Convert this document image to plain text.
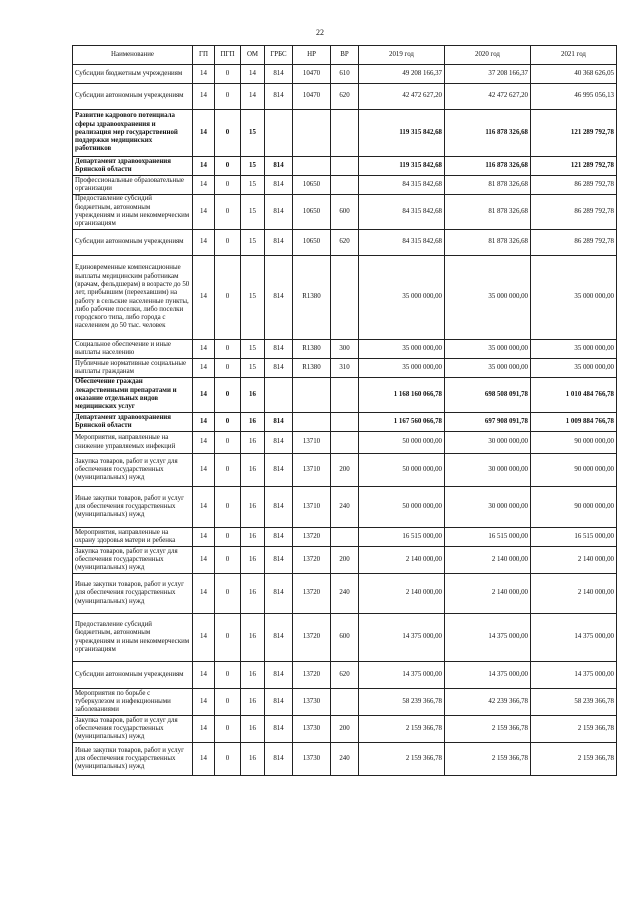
22
Наименование	ГП	ПГП	ОМ	ГРБС	НР	ВР	2019 год	2020 год	2021 год
Субсидии бюджетным учреждениям	14	0	14	814	10470	610	49 208 166,37	37 208 166,37	40 368 626,05
Субсидии автономным учреждениям	14	0	14	814	10470	620	42 472 627,20	42 472 627,20	46 995 056,13
Развитие кадрового потенциала сферы здравоохранения и реализация мер государственной поддержки медицинских работников	14	0	15				119 315 842,68	116 878 326,68	121 289 792,78
Департамент здравоохранения Брянской области	14	0	15	814			119 315 842,68	116 878 326,68	121 289 792,78
Профессиональные образовательные организации	14	0	15	814	10650		84 315 842,68	81 878 326,68	86 289 792,78
Предоставление субсидий бюджетным, автономным учреждениям и иным некоммерческим организациям	14	0	15	814	10650	600	84 315 842,68	81 878 326,68	86 289 792,78
Субсидии автономным учреждениям	14	0	15	814	10650	620	84 315 842,68	81 878 326,68	86 289 792,78
Единовременные компенсационные выплаты медицинским работникам (врачам, фельдшерам) в возрасте до 50 лет, прибывшим (переехавшим) на работу в сельские населенные пункты, либо рабочие поселки, либо поселки городского типа, либо города с населением до 50 тыс. человек	14	0	15	814	R1380		35 000 000,00	35 000 000,00	35 000 000,00
Социальное обеспечение и иные выплаты населению	14	0	15	814	R1380	300	35 000 000,00	35 000 000,00	35 000 000,00
Публичные нормативные социальные выплаты гражданам	14	0	15	814	R1380	310	35 000 000,00	35 000 000,00	35 000 000,00
Обеспечение граждан лекарственными препаратами и оказание отдельных видов медицинских услуг	14	0	16				1 168 160 066,78	698 508 091,78	1 010 484 766,78
Департамент здравоохранения Брянской области	14	0	16	814			1 167 560 066,78	697 908 091,78	1 009 884 766,78
Мероприятия, направленные на снижение управляемых инфекций	14	0	16	814	13710		50 000 000,00	30 000 000,00	90 000 000,00
Закупка товаров, работ и услуг для обеспечения государственных (муниципальных) нужд	14	0	16	814	13710	200	50 000 000,00	30 000 000,00	90 000 000,00
Иные закупки товаров, работ и услуг для обеспечения государственных (муниципальных) нужд	14	0	16	814	13710	240	50 000 000,00	30 000 000,00	90 000 000,00
Мероприятия, направленные на охрану здоровья матери и ребенка	14	0	16	814	13720		16 515 000,00	16 515 000,00	16 515 000,00
Закупка товаров, работ и услуг для обеспечения государственных (муниципальных) нужд	14	0	16	814	13720	200	2 140 000,00	2 140 000,00	2 140 000,00
Иные закупки товаров, работ и услуг для обеспечения государственных (муниципальных) нужд	14	0	16	814	13720	240	2 140 000,00	2 140 000,00	2 140 000,00
Предоставление субсидий бюджетным, автономным учреждениям и иным некоммерческим организациям	14	0	16	814	13720	600	14 375 000,00	14 375 000,00	14 375 000,00
Субсидии автономным учреждениям	14	0	16	814	13720	620	14 375 000,00	14 375 000,00	14 375 000,00
Мероприятия по борьбе с туберкулезом и инфекционными заболеваниями	14	0	16	814	13730		58 239 366,78	42 239 366,78	58 239 366,78
Закупка товаров, работ и услуг для обеспечения государственных (муниципальных) нужд	14	0	16	814	13730	200	2 159 366,78	2 159 366,78	2 159 366,78
Иные закупки товаров, работ и услуг для обеспечения государственных (муниципальных) нужд	14	0	16	814	13730	240	2 159 366,78	2 159 366,78	2 159 366,78
